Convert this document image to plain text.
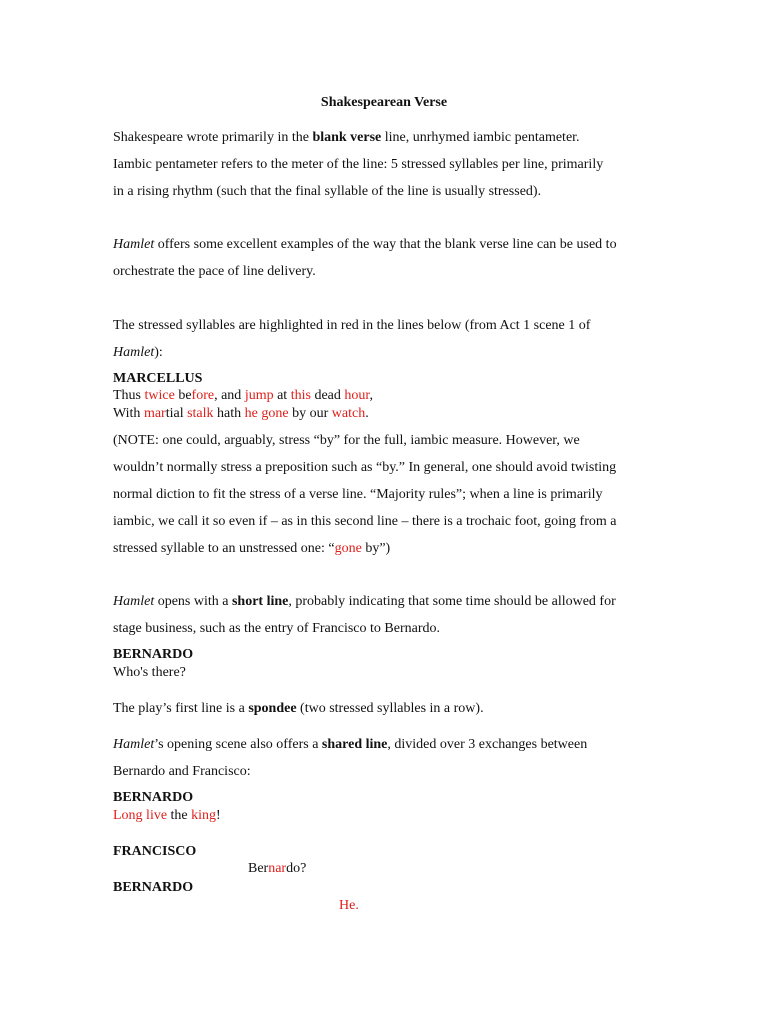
Shakespearean Verse
Shakespeare wrote primarily in the blank verse line, unrhymed iambic pentameter.
Iambic pentameter refers to the meter of the line: 5 stressed syllables per line, primarily
in a rising rhythm (such that the final syllable of the line is usually stressed).
Hamlet offers some excellent examples of the way that the blank verse line can be used to
orchestrate the pace of line delivery.
The stressed syllables are highlighted in red in the lines below (from Act 1 scene 1 of
Hamlet):
MARCELLUS
Thus twice before, and jump at this dead hour,
With martial stalk hath he gone by our watch.
(NOTE: one could, arguably, stress “by” for the full, iambic measure. However, we
wouldn’t normally stress a preposition such as “by.” In general, one should avoid twisting
normal diction to fit the stress of a verse line. “Majority rules”; when a line is primarily
iambic, we call it so even if – as in this second line – there is a trochaic foot, going from a
stressed syllable to an unstressed one: “gone by”)
Hamlet opens with a short line, probably indicating that some time should be allowed for
stage business, such as the entry of Francisco to Bernardo.
BERNARDO
Who's there?
The play’s first line is a spondee (two stressed syllables in a row).
Hamlet’s opening scene also offers a shared line, divided over 3 exchanges between
Bernardo and Francisco:
BERNARDO
Long live the king!
FRANCISCO
Bernardo?
BERNARDO
He.
